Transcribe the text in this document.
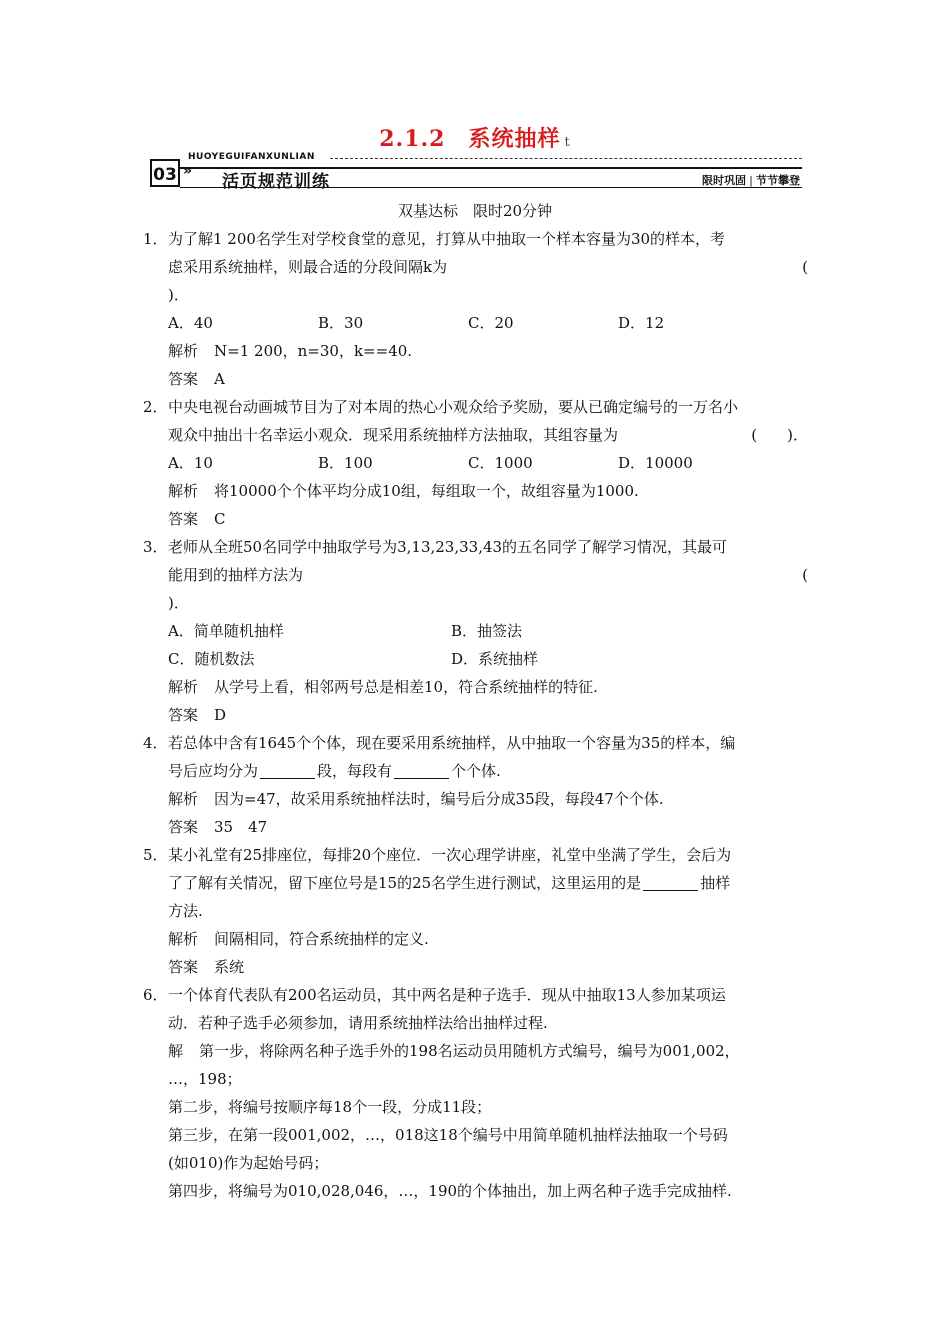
2.1.2　系统抽样 t
03 »
HUOYEGUIFANXUNLIAN
活页规范训练	限时巩固 | 节节攀登
双基达标　限时20分钟
1． 为了解1 200名学生对学校食堂的意见，打算从中抽取一个样本容量为30的样本，考
虑采用系统抽样，则最合适的分段间隔k为	(
)．
A．40	B．30	C．20	D．12
解析 N=1 200，n=30，k==40.
答案 A
2． 中央电视台动画城节目为了对本周的热心小观众给予奖励，要从已确定编号的一万名小
观众中抽出十名幸运小观众．现采用系统抽样方法抽取，其组容量为	(　　)．
A．10	B．100	C．1000	D．10000
解析 将10000个个体平均分成10组，每组取一个，故组容量为1000.
答案 C
3． 老师从全班50名同学中抽取学号为3,13,23,33,43的五名同学了解学习情况，其最可
能用到的抽样方法为	(
)．
A．简单随机抽样	B．抽签法
C．随机数法	D．系统抽样
解析 从学号上看，相邻两号总是相差10，符合系统抽样的特征.
答案 D
4． 若总体中含有1645个个体，现在要采用系统抽样，从中抽取一个容量为35的样本，编
号后应均分为	段，每段有	个个体.
解析 因为=47，故采用系统抽样法时，编号后分成35段，每段47个个体.
答案 35　47
5． 某小礼堂有25排座位，每排20个座位．一次心理学讲座，礼堂中坐满了学生，会后为
了了解有关情况，留下座位号是15的25名学生进行测试，这里运用的是	抽样
方法.
解析 间隔相同，符合系统抽样的定义.
答案 系统
6． 一个体育代表队有200名运动员，其中两名是种子选手．现从中抽取13人参加某项运
动．若种子选手必须参加，请用系统抽样法给出抽样过程.
解 第一步，将除两名种子选手外的198名运动员用随机方式编号，编号为001,002，
…，198；
第二步，将编号按顺序每18个一段，分成11段；
第三步，在第一段001,002，…，018这18个编号中用简单随机抽样法抽取一个号码
(如010)作为起始号码；
第四步，将编号为010,028,046，…，190的个体抽出，加上两名种子选手完成抽样.
